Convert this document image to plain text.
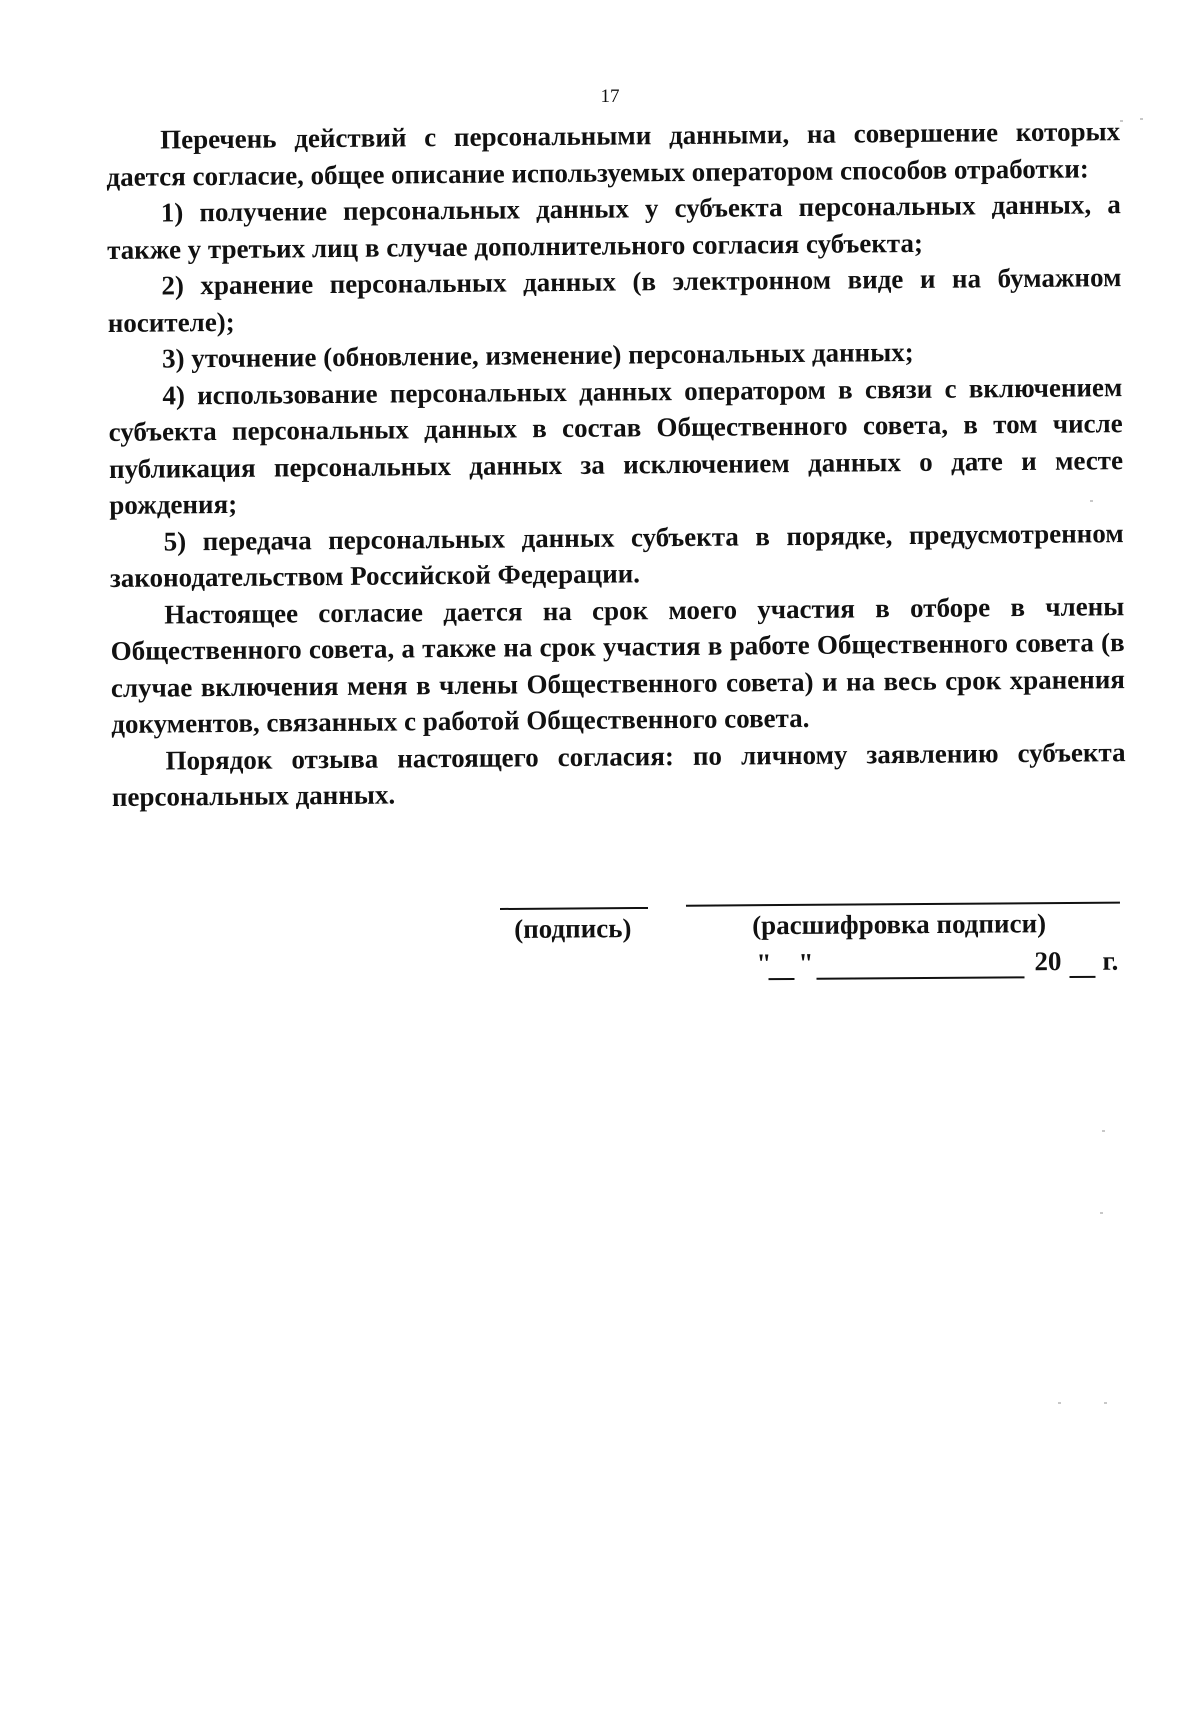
17

Перечень действий с персональными данными, на совершение которых дается согласие, общее описание используемых оператором способов отработки:

1) получение персональных данных у субъекта персональных данных, а также у третьих лиц в случае дополнительного согласия субъекта;

2) хранение персональных данных (в электронном виде и на бумажном носителе);

3) уточнение (обновление, изменение) персональных данных;

4) использование персональных данных оператором в связи с включением субъекта персональных данных в состав Общественного совета, в том числе публикация персональных данных за исключением данных о дате и месте рождения;

5) передача персональных данных субъекта в порядке, предусмотренном законодательством Российской Федерации.

Настоящее согласие дается на срок моего участия в отборе в члены Общественного совета, а также на срок участия в работе Общественного совета (в случае включения меня в члены Общественного совета) и на весь срок хранения документов, связанных с работой Общественного совета.

Порядок отзыва настоящего согласия: по личному заявлению субъекта персональных данных.

(подпись)	(расшифровка подписи)
" "	20 г.
